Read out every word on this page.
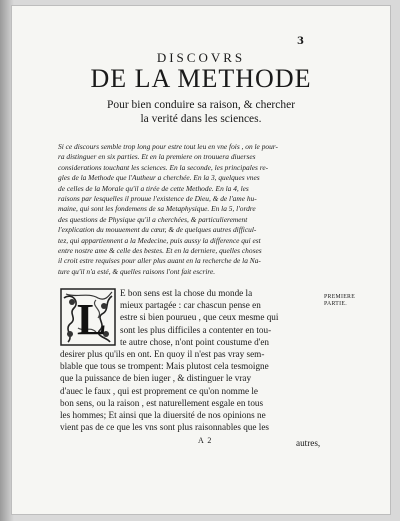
3
DISCOVRS
DE LA METHODE
Pour bien conduire sa raison, & chercher
la verité dans les sciences.
Si ce discours semble trop long pour estre tout leu en vne fois , on le pour-
ra distinguer en six parties. Et en la premiere on trouuera diuerses
considerations touchant les sciences. En la seconde, les principales re-
gles de la Methode que l'Autheur a cherchée. En la 3, quelques vnes
de celles de la Morale qu'il a tirée de cette Methode. En la 4, les
raisons par lesquelles il prouue l'existence de Dieu, & de l'ame hu-
maine, qui sont les fondemens de sa Metaphysique. En la 5, l'ordre
des questions de Physique qu'il a cherchées, & particulierement
l'explication du mouuement du cœur, & de quelques autres difficul-
tez, qui appartiennent a la Medecine, puis aussy la difference qui est
entre nostre ame & celle des bestes. Et en la derniere, quelles choses
il croit estre requises pour aller plus auant en la recherche de la Na-
ture qu'il n'a esté, & quelles raisons l'ont fait escrire.
L
E bon sens est la chose du monde la
mieux partagée : car chascun pense en
estre si bien pourueu , que ceux mesme qui
sont les plus difficiles a contenter en tou-
te autre chose, n'ont point coustume d'en
desirer plus qu'ils en ont. En quoy il n'est pas vray sem-
blable que tous se trompent: Mais plutost cela tesmoigne
que la puissance de bien iuger , & distinguer le vray
d'auec le faux , qui est proprement ce qu'on nomme le
bon sens, ou la raison , est naturellement esgale en tous
les hommes; Et ainsi que la diuersité de nos opinions ne
vient pas de ce que les vns sont plus raisonnables que les
PREMIERE
PARTIE.
A 2	autres,
